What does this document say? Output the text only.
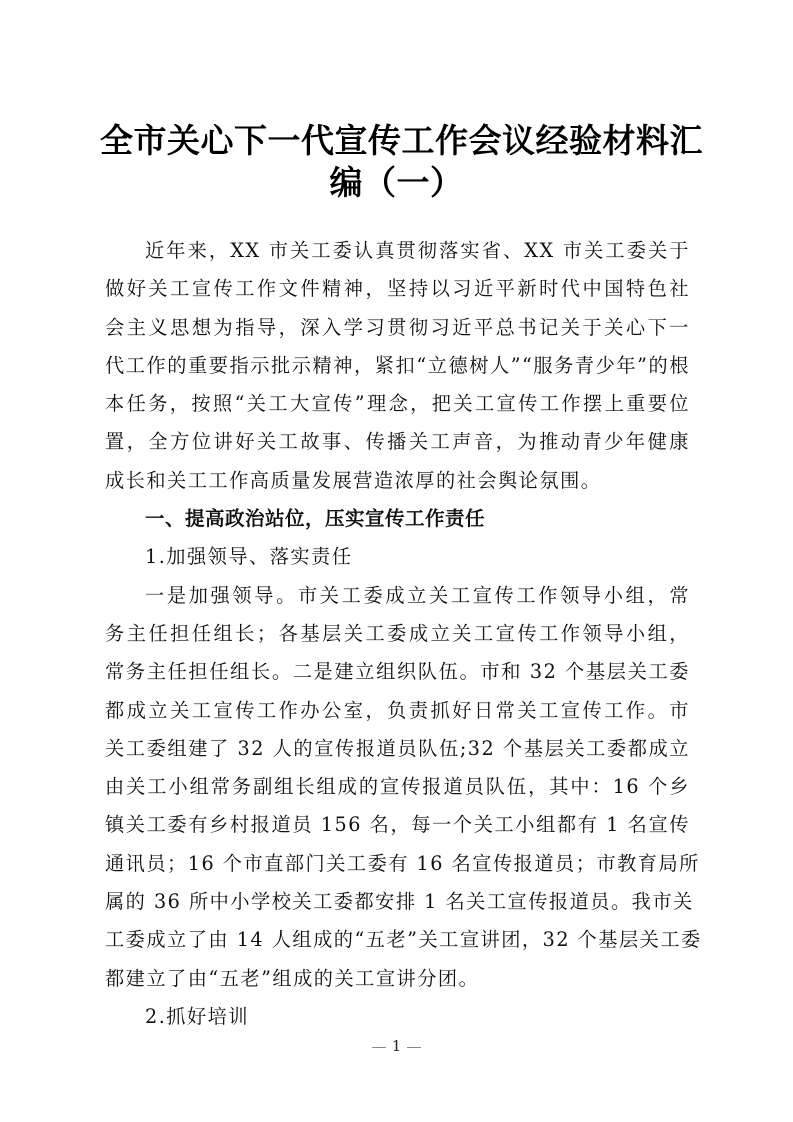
全市关心下一代宣传工作会议经验材料汇
编（一）
近年来，XX 市关工委认真贯彻落实省、XX 市关工委关于
做好关工宣传工作文件精神，坚持以习近平新时代中国特色社
会主义思想为指导，深入学习贯彻习近平总书记关于关心下一
代工作的重要指示批示精神，紧扣“立德树人”“服务青少年”的根
本任务，按照“关工大宣传”理念，把关工宣传工作摆上重要位
置，全方位讲好关工故事、传播关工声音，为推动青少年健康
成长和关工工作高质量发展营造浓厚的社会舆论氛围。
一、提高政治站位，压实宣传工作责任
1.加强领导、落实责任
一是加强领导。市关工委成立关工宣传工作领导小组，常
务主任担任组长；各基层关工委成立关工宣传工作领导小组，
常务主任担任组长。二是建立组织队伍。市和 32 个基层关工委
都成立关工宣传工作办公室，负责抓好日常关工宣传工作。市
关工委组建了 32 人的宣传报道员队伍;32 个基层关工委都成立
由关工小组常务副组长组成的宣传报道员队伍，其中：16 个乡
镇关工委有乡村报道员 156 名，每一个关工小组都有 1 名宣传
通讯员；16 个市直部门关工委有 16 名宣传报道员；市教育局所
属的 36 所中小学校关工委都安排 1 名关工宣传报道员。我市关
工委成立了由 14 人组成的“五老”关工宣讲团，32 个基层关工委
都建立了由“五老”组成的关工宣讲分团。
2.抓好培训
1
